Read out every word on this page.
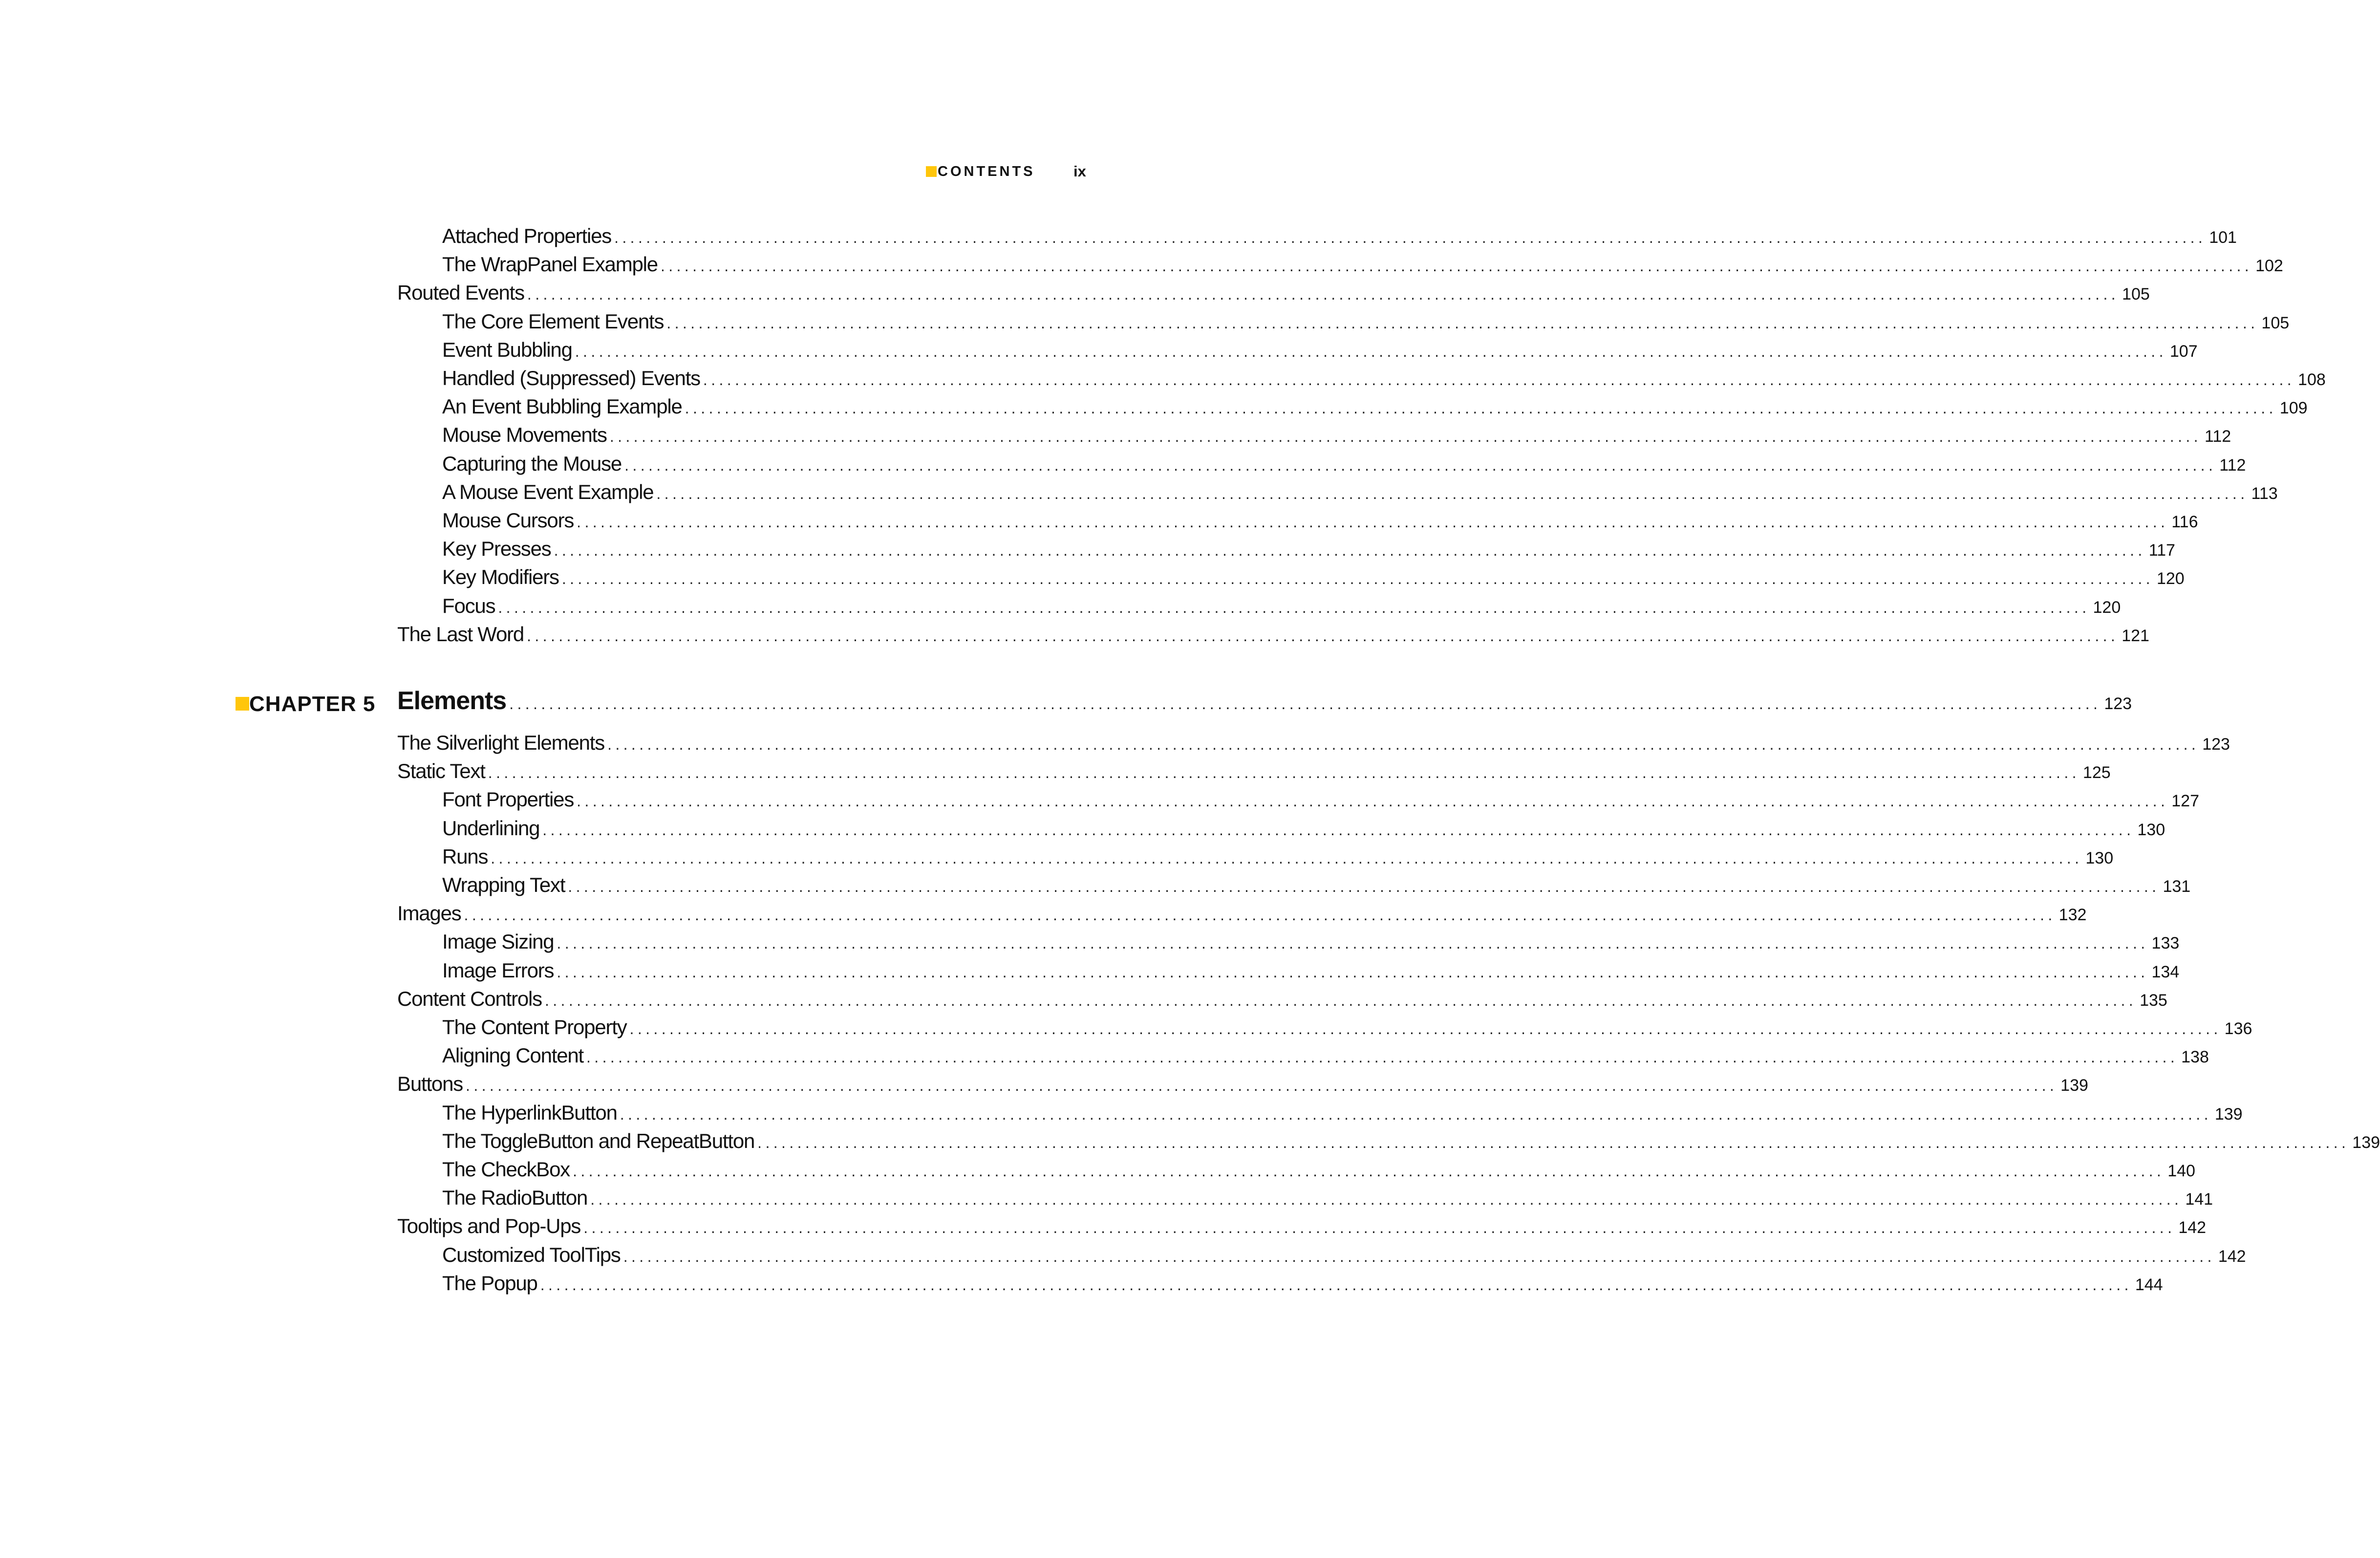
CONTENTS	ix
CHAPTER 5 Elements ........................................................................................................................................................................................................ 123
Attached Properties ........................................................................................................................................................................................................ 101
The WrapPanel Example ........................................................................................................................................................................................................ 102
Routed Events ........................................................................................................................................................................................................ 105
The Core Element Events ........................................................................................................................................................................................................ 105
Event Bubbling ........................................................................................................................................................................................................ 107
Handled (Suppressed) Events ........................................................................................................................................................................................................ 108
An Event Bubbling Example ........................................................................................................................................................................................................ 109
Mouse Movements ........................................................................................................................................................................................................ 112
Capturing the Mouse ........................................................................................................................................................................................................ 112
A Mouse Event Example ........................................................................................................................................................................................................ 113
Mouse Cursors ........................................................................................................................................................................................................ 116
Key Presses ........................................................................................................................................................................................................ 117
Key Modifiers ........................................................................................................................................................................................................ 120
Focus ........................................................................................................................................................................................................ 120
The Last Word ........................................................................................................................................................................................................ 121
The Silverlight Elements ........................................................................................................................................................................................................ 123
Static Text ........................................................................................................................................................................................................ 125
Font Properties ........................................................................................................................................................................................................ 127
Underlining ........................................................................................................................................................................................................ 130
Runs ........................................................................................................................................................................................................ 130
Wrapping Text ........................................................................................................................................................................................................ 131
Images ........................................................................................................................................................................................................ 132
Image Sizing ........................................................................................................................................................................................................ 133
Image Errors ........................................................................................................................................................................................................ 134
Content Controls ........................................................................................................................................................................................................ 135
The Content Property ........................................................................................................................................................................................................ 136
Aligning Content ........................................................................................................................................................................................................ 138
Buttons ........................................................................................................................................................................................................ 139
The HyperlinkButton ........................................................................................................................................................................................................ 139
The ToggleButton and RepeatButton ........................................................................................................................................................................................................ 139
The CheckBox ........................................................................................................................................................................................................ 140
The RadioButton ........................................................................................................................................................................................................ 141
Tooltips and Pop-Ups ........................................................................................................................................................................................................ 142
Customized ToolTips ........................................................................................................................................................................................................ 142
The Popup ........................................................................................................................................................................................................ 144
